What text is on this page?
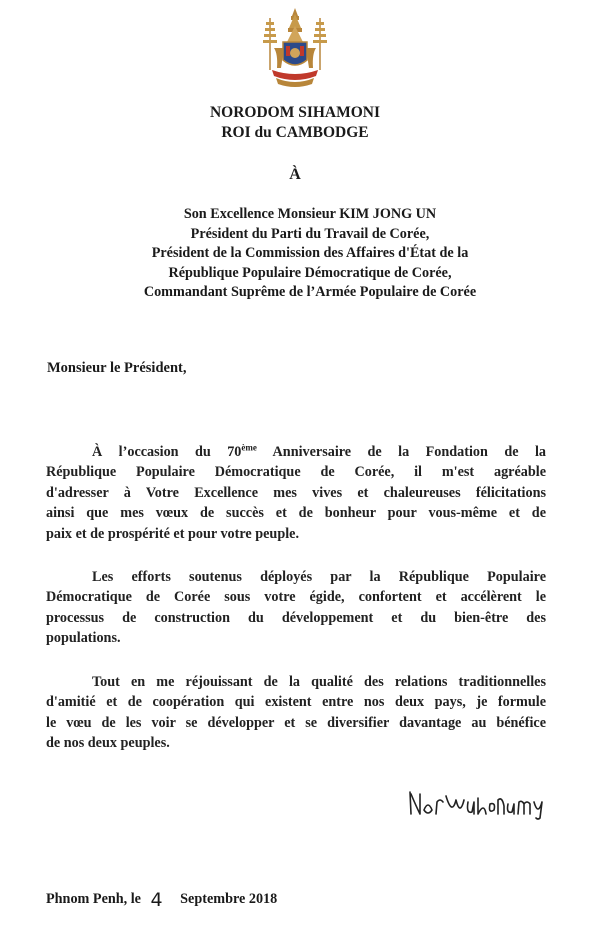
NORODOM SIHAMONI
ROI du CAMBODGE
À
Son Excellence Monsieur KIM JONG UN
Président du Parti du Travail de Corée,
Président de la Commission des Affaires d'État de la
République Populaire Démocratique de Corée,
Commandant Suprême de l’Armée Populaire de Corée
Monsieur le Président,
À l’occasion du 70ème Anniversaire de la Fondation de la
République Populaire Démocratique de Corée, il m'est agréable
d'adresser à Votre Excellence mes vives et chaleureuses félicitations
ainsi que mes vœux de succès et de bonheur pour vous-même et de
paix et de prospérité et pour votre peuple.
Les efforts soutenus déployés par la République Populaire
Démocratique de Corée sous votre égide, confortent et accélèrent le
processus de construction du développement et du bien-être des
populations.
Tout en me réjouissant de la qualité des relations traditionnelles
d'amitié et de coopération qui existent entre nos deux pays, je formule
le vœu de les voir se développer et se diversifier davantage au bénéfice
de nos deux peuples.
Phnom Penh, le 4 Septembre 2018
